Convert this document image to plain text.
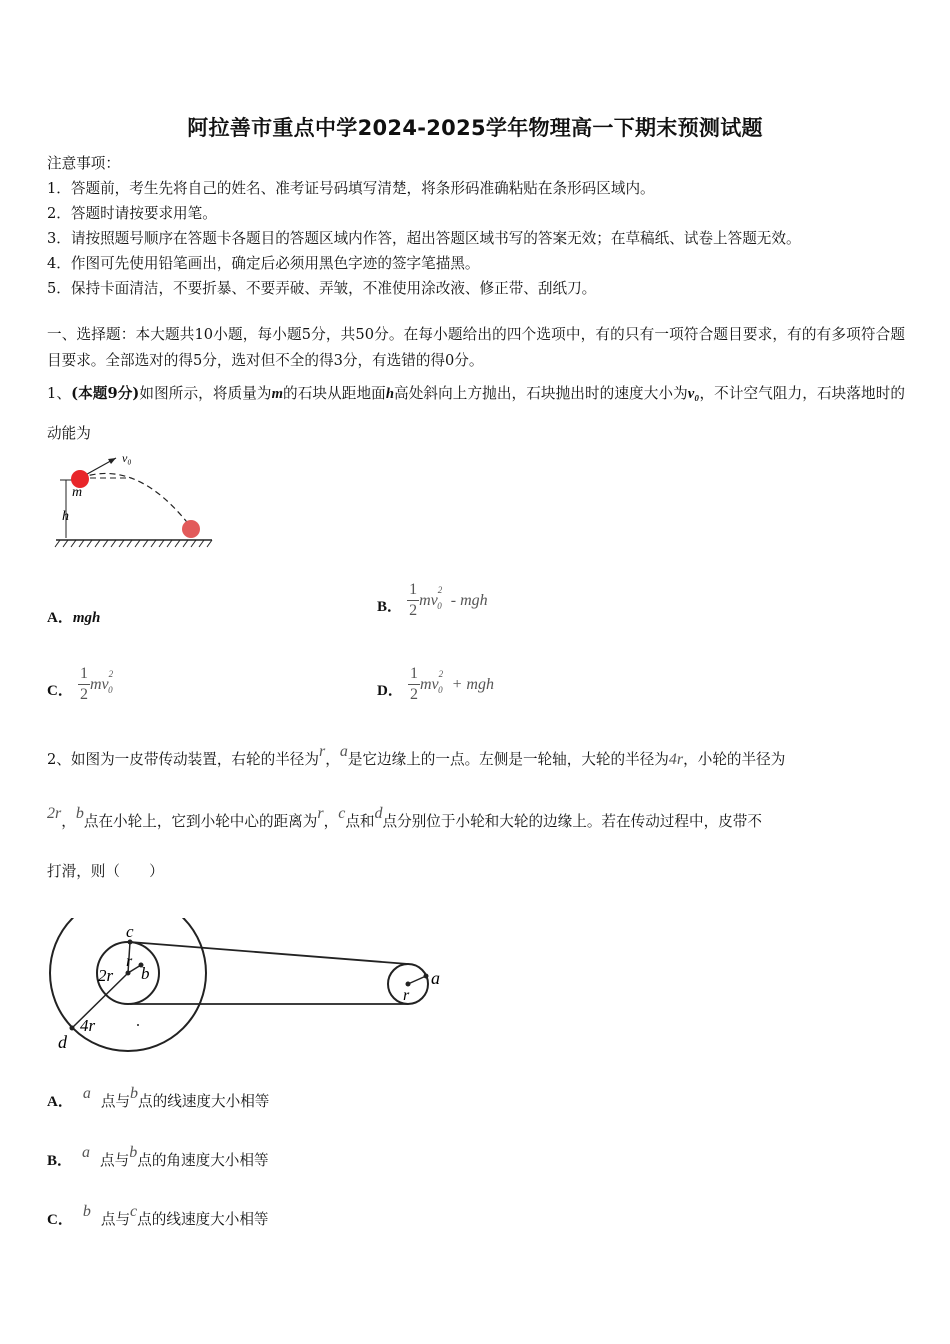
阿拉善市重点中学2024-2025学年物理高一下期末预测试题
注意事项：
1．答题前，考生先将自己的姓名、准考证号码填写清楚，将条形码准确粘贴在条形码区域内。
2．答题时请按要求用笔。
3．请按照题号顺序在答题卡各题目的答题区域内作答，超出答题区域书写的答案无效；在草稿纸、试卷上答题无效。
4．作图可先使用铅笔画出，确定后必须用黑色字迹的签字笔描黑。
5．保持卡面清洁，不要折暴、不要弄破、弄皱，不准使用涂改液、修正带、刮纸刀。
一、选择题：本大题共10小题，每小题5分，共50分。在每小题给出的四个选项中，有的只有一项符合题目要求，有的有多项符合题目要求。全部选对的得5分，选对但不全的得3分，有选错的得0分。
1、(本题9分)如图所示，将质量为m的石块从距地面h高处斜向上方抛出，石块抛出时的速度大小为v₀，不计空气阻力，石块落地时的动能为
v₀
m
h
A．mgh
B． $\frac{1}{2} mv^2_0$ - mgh
C． $\frac{1}{2} mv^2_0$	D． $\frac{1}{2} mv^2_0$ + mgh
2、如图为一皮带传动装置，右轮的半径为r，a是它边缘上的一点。左侧是一轮轴，大轮的半径为4r，小轮的半径为
2r，b点在小轮上，它到小轮中心的距离为r，c点和d点分别位于小轮和大轮的边缘上。若在传动过程中，皮带不
打滑，则（　　）
c
r
2r b
4r
d
a
r
A． a 点与b点的线速度大小相等
B． a 点与b点的角速度大小相等
C． b 点与c点的线速度大小相等
